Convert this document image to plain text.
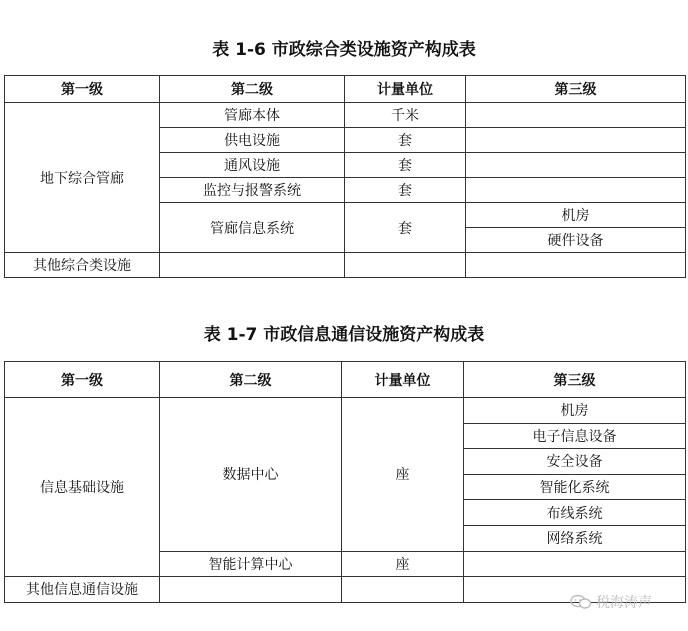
表 1-6 市政综合类设施资产构成表
第一级	第二级	计量单位	第三级
地下综合管廊	管廊本体	千米	
	供电设施	套	
	通风设施	套	
	监控与报警系统	套	
	管廊信息系统	套	机房
			硬件设备
其他综合类设施			
表 1-7 市政信息通信设施资产构成表
第一级	第二级	计量单位	第三级
信息基础设施	数据中心	座	机房
			电子信息设备
			安全设备
			智能化系统
			布线系统
			网络系统
	智能计算中心	座	
其他信息通信设施			
税海涛声
